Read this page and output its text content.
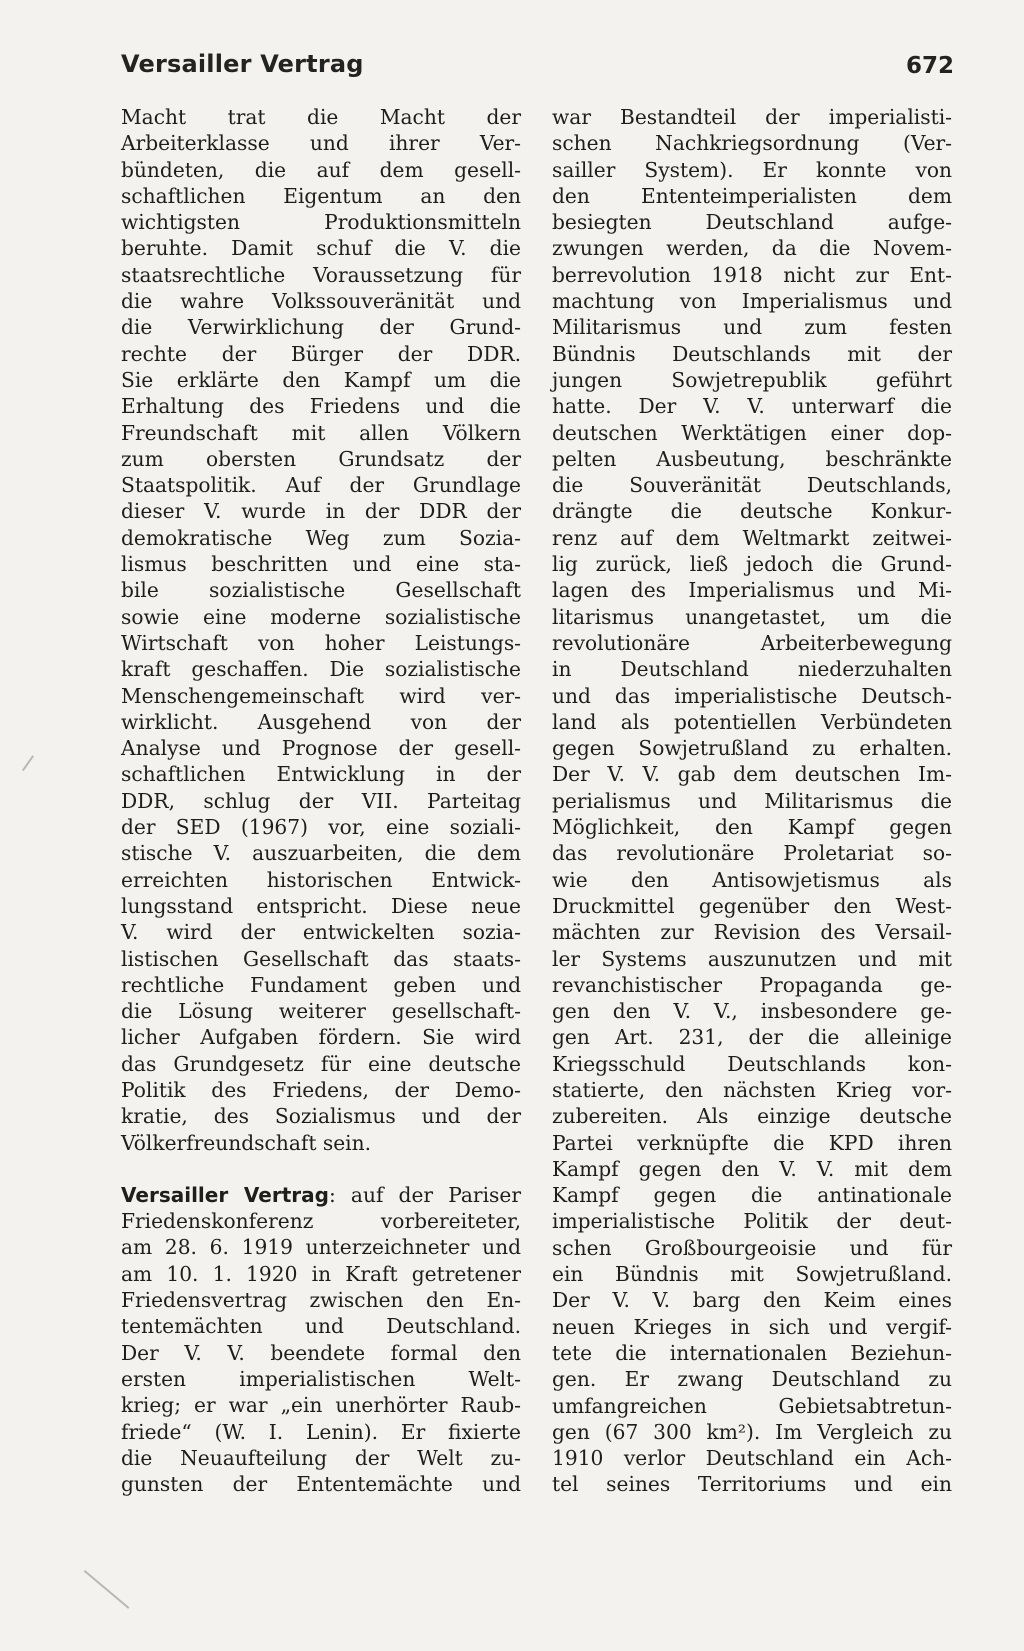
Versailler Vertrag	672
Macht trat die Macht der
Arbeiterklasse und ihrer Ver-
bündeten, die auf dem gesell-
schaftlichen Eigentum an den
wichtigsten Produktionsmitteln
beruhte. Damit schuf die V. die
staatsrechtliche Voraussetzung für
die wahre Volkssouveränität und
die Verwirklichung der Grund-
rechte der Bürger der DDR.
Sie erklärte den Kampf um die
Erhaltung des Friedens und die
Freundschaft mit allen Völkern
zum obersten Grundsatz der
Staatspolitik. Auf der Grundlage
dieser V. wurde in der DDR der
demokratische Weg zum Sozia-
lismus beschritten und eine sta-
bile sozialistische Gesellschaft
sowie eine moderne sozialistische
Wirtschaft von hoher Leistungs-
kraft geschaffen. Die sozialistische
Menschengemeinschaft wird ver-
wirklicht. Ausgehend von der
Analyse und Prognose der gesell-
schaftlichen Entwicklung in der
DDR, schlug der VII. Parteitag
der SED (1967) vor, eine soziali-
stische V. auszuarbeiten, die dem
erreichten historischen Entwick-
lungsstand entspricht. Diese neue
V. wird der entwickelten sozia-
listischen Gesellschaft das staats-
rechtliche Fundament geben und
die Lösung weiterer gesellschaft-
licher Aufgaben fördern. Sie wird
das Grundgesetz für eine deutsche
Politik des Friedens, der Demo-
kratie, des Sozialismus und der
Völkerfreundschaft sein.
Versailler Vertrag: auf der Pariser
Friedenskonferenz vorbereiteter,
am 28. 6. 1919 unterzeichneter und
am 10. 1. 1920 in Kraft getretener
Friedensvertrag zwischen den En-
tentemächten und Deutschland.
Der V. V. beendete formal den
ersten imperialistischen Welt-
krieg; er war „ein unerhörter Raub-
friede“ (W. I. Lenin). Er fixierte
die Neuaufteilung der Welt zu-
gunsten der Ententemächte und
war Bestandteil der imperialisti-
schen Nachkriegsordnung (Ver-
sailler System). Er konnte von
den Ententeimperialisten dem
besiegten Deutschland aufge-
zwungen werden, da die Novem-
berrevolution 1918 nicht zur Ent-
machtung von Imperialismus und
Militarismus und zum festen
Bündnis Deutschlands mit der
jungen Sowjetrepublik geführt
hatte. Der V. V. unterwarf die
deutschen Werktätigen einer dop-
pelten Ausbeutung, beschränkte
die Souveränität Deutschlands,
drängte die deutsche Konkur-
renz auf dem Weltmarkt zeitwei-
lig zurück, ließ jedoch die Grund-
lagen des Imperialismus und Mi-
litarismus unangetastet, um die
revolutionäre Arbeiterbewegung
in Deutschland niederzuhalten
und das imperialistische Deutsch-
land als potentiellen Verbündeten
gegen Sowjetrußland zu erhalten.
Der V. V. gab dem deutschen Im-
perialismus und Militarismus die
Möglichkeit, den Kampf gegen
das revolutionäre Proletariat so-
wie den Antisowjetismus als
Druckmittel gegenüber den West-
mächten zur Revision des Versail-
ler Systems auszunutzen und mit
revanchistischer Propaganda ge-
gen den V. V., insbesondere ge-
gen Art. 231, der die alleinige
Kriegsschuld Deutschlands kon-
statierte, den nächsten Krieg vor-
zubereiten. Als einzige deutsche
Partei verknüpfte die KPD ihren
Kampf gegen den V. V. mit dem
Kampf gegen die antinationale
imperialistische Politik der deut-
schen Großbourgeoisie und für
ein Bündnis mit Sowjetrußland.
Der V. V. barg den Keim eines
neuen Krieges in sich und vergif-
tete die internationalen Beziehun-
gen. Er zwang Deutschland zu
umfangreichen Gebietsabtretun-
gen (67 300 km²). Im Vergleich zu
1910 verlor Deutschland ein Ach-
tel seines Territoriums und ein
